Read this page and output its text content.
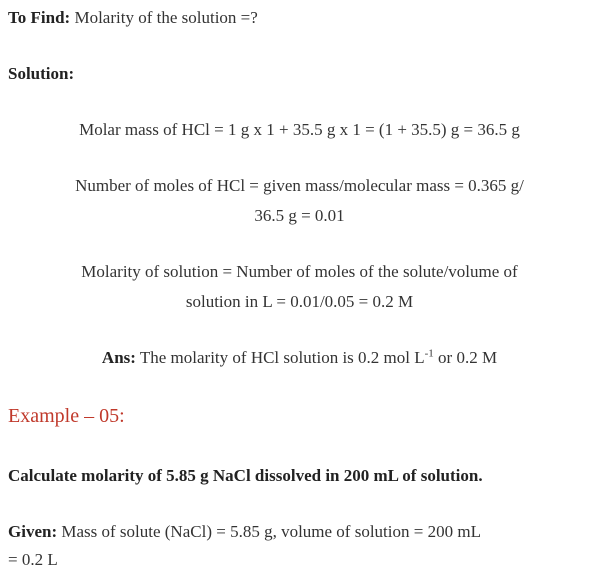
To Find: Molarity of the solution =?
Solution:
Molar mass of HCl = 1 g x 1 + 35.5 g x 1 = (1 + 35.5) g = 36.5 g
Number of moles of HCl = given mass/molecular mass = 0.365 g/
36.5 g = 0.01
Molarity of solution = Number of moles of the solute/volume of
solution in L = 0.01/0.05 = 0.2 M
Ans: The molarity of HCl solution is 0.2 mol $L^{-1}$ or 0.2 M
Example – 05:
Calculate molarity of 5.85 g NaCl dissolved in 200 mL of solution.
Given: Mass of solute (NaCl) = 5.85 g, volume of solution = 200 mL
= 0.2 L
